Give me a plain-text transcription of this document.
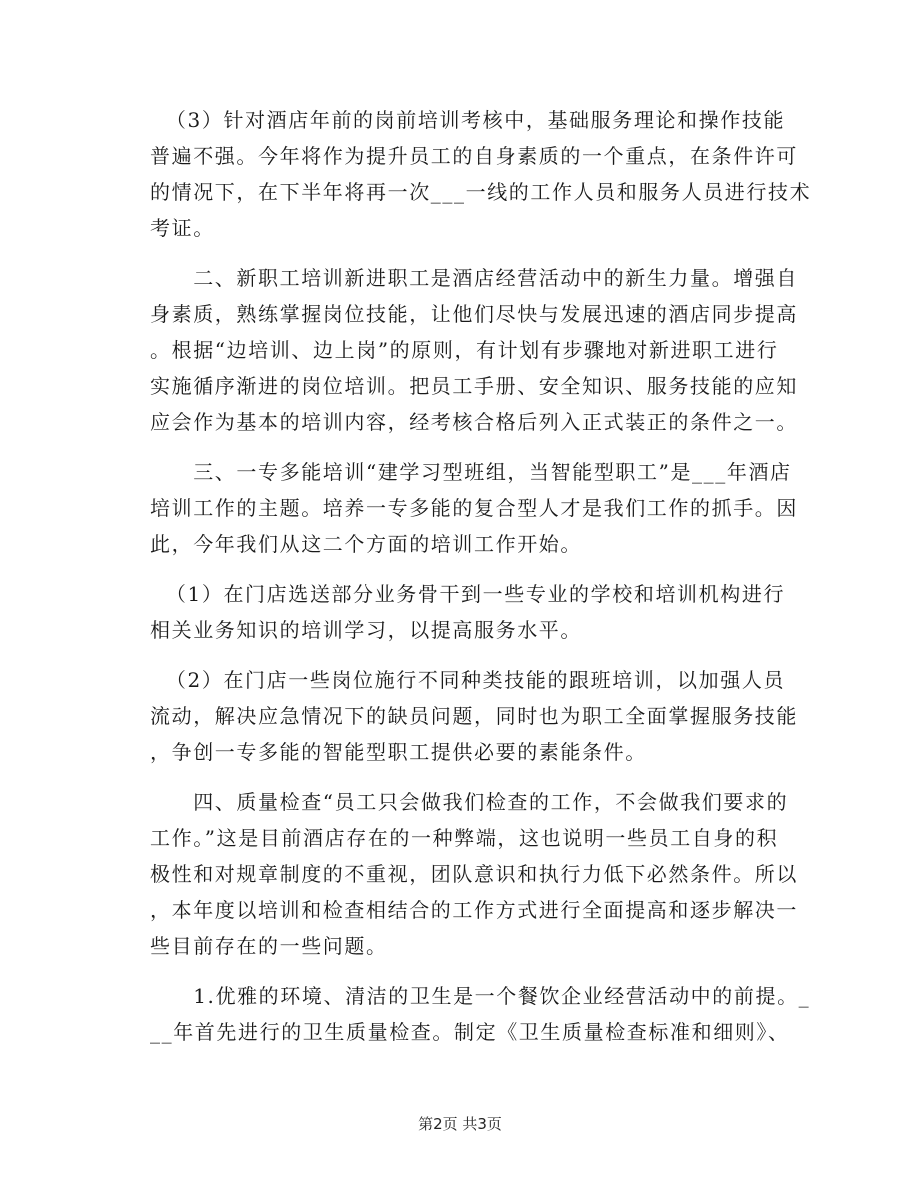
（3）针对酒店年前的岗前培训考核中，基础服务理论和操作技能
普遍不强。今年将作为提升员工的自身素质的一个重点，在条件许可
的情况下，在下半年将再一次___一线的工作人员和服务人员进行技术
考证。
　　二、新职工培训新进职工是酒店经营活动中的新生力量。增强自
身素质，熟练掌握岗位技能，让他们尽快与发展迅速的酒店同步提高
。根据“边培训、边上岗”的原则，有计划有步骤地对新进职工进行
实施循序渐进的岗位培训。把员工手册、安全知识、服务技能的应知
应会作为基本的培训内容，经考核合格后列入正式装正的条件之一。
　　三、一专多能培训“建学习型班组，当智能型职工”是___年酒店
培训工作的主题。培养一专多能的复合型人才是我们工作的抓手。因
此，今年我们从这二个方面的培训工作开始。
（1）在门店选送部分业务骨干到一些专业的学校和培训机构进行
相关业务知识的培训学习，以提高服务水平。
（2）在门店一些岗位施行不同种类技能的跟班培训，以加强人员
流动，解决应急情况下的缺员问题，同时也为职工全面掌握服务技能
，争创一专多能的智能型职工提供必要的素能条件。
　　四、质量检查“员工只会做我们检查的工作，不会做我们要求的
工作。”这是目前酒店存在的一种弊端，这也说明一些员工自身的积
极性和对规章制度的不重视，团队意识和执行力低下必然条件。所以
，本年度以培训和检查相结合的工作方式进行全面提高和逐步解决一
些目前存在的一些问题。
　　1.优雅的环境、清洁的卫生是一个餐饮企业经营活动中的前提。_
__年首先进行的卫生质量检查。制定《卫生质量检查标准和细则》、
第2页 共3页
